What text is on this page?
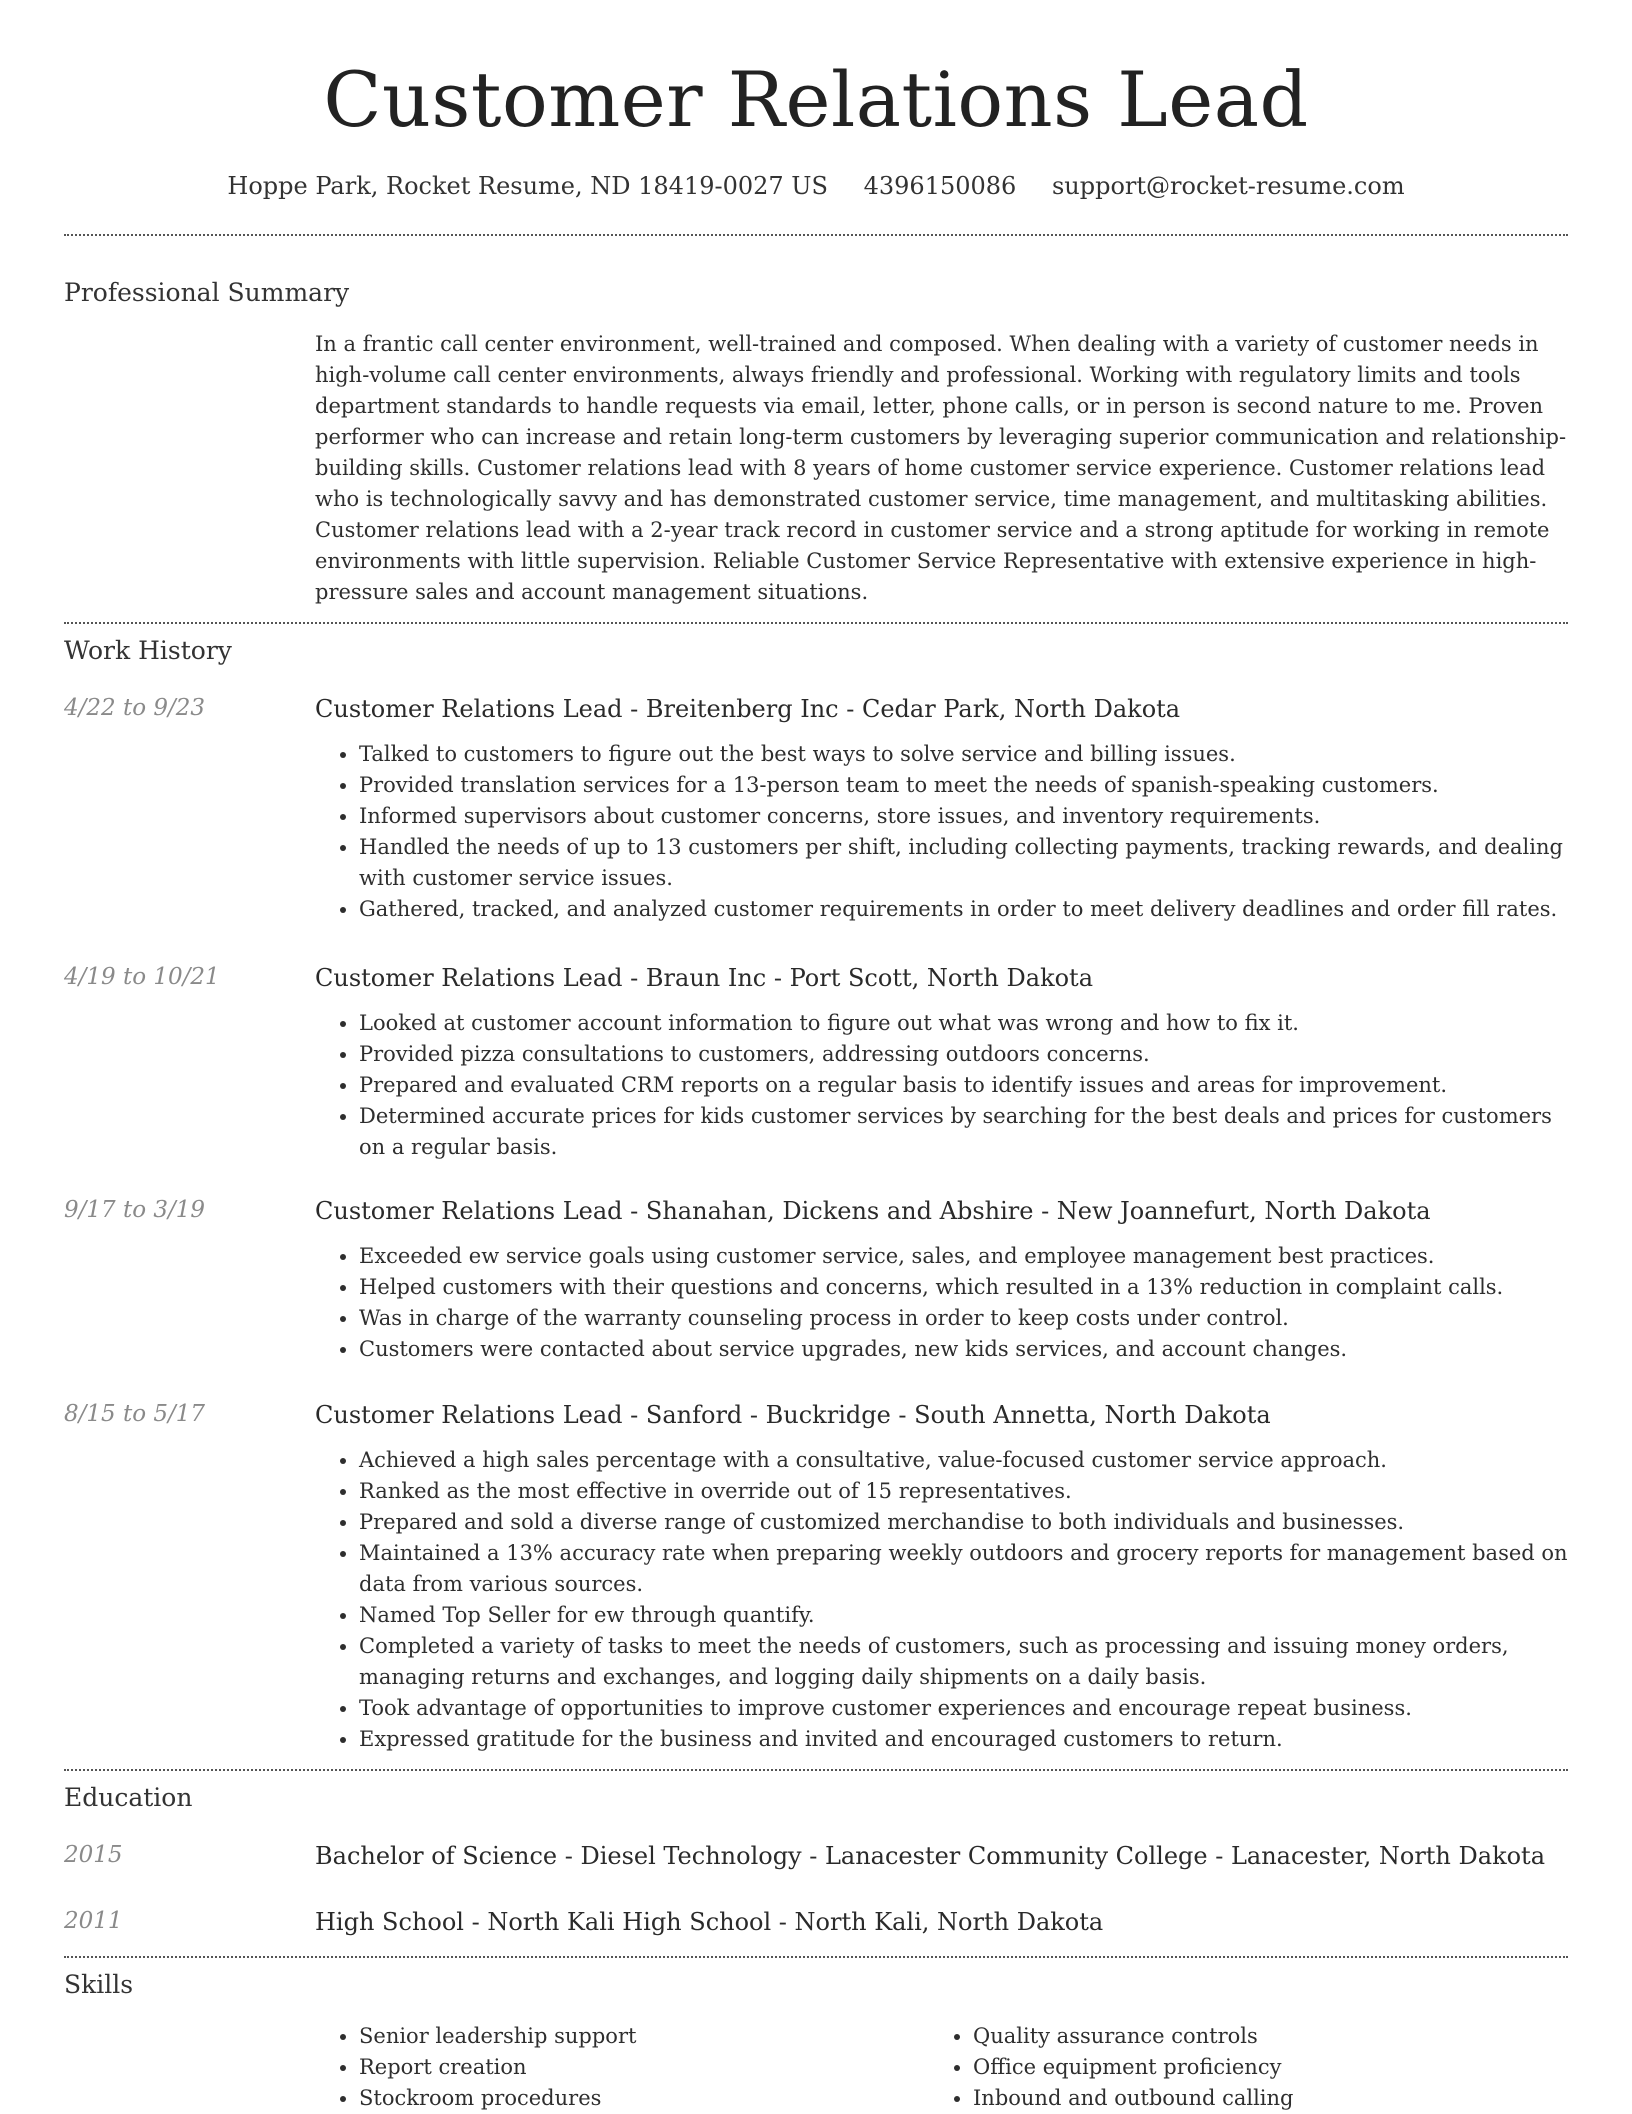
Customer Relations Lead
Hoppe Park, Rocket Resume, ND 18419-0027 US 4396150086 support@rocket-resume.com
Professional Summary
In a frantic call center environment, well-trained and composed. When dealing with a variety of customer needs in high-volume call center environments, always friendly and professional. Working with regulatory limits and tools department standards to handle requests via email, letter, phone calls, or in person is second nature to me. Proven performer who can increase and retain long-term customers by leveraging superior communication and relationship-building skills. Customer relations lead with 8 years of home customer service experience. Customer relations lead who is technologically savvy and has demonstrated customer service, time management, and multitasking abilities. Customer relations lead with a 2-year track record in customer service and a strong aptitude for working in remote environments with little supervision. Reliable Customer Service Representative with extensive experience in high-pressure sales and account management situations.
Work History
4/22 to 9/23	Customer Relations Lead - Breitenberg Inc - Cedar Park, North Dakota
• Talked to customers to figure out the best ways to solve service and billing issues.
• Provided translation services for a 13-person team to meet the needs of spanish-speaking customers.
• Informed supervisors about customer concerns, store issues, and inventory requirements.
• Handled the needs of up to 13 customers per shift, including collecting payments, tracking rewards, and dealing with customer service issues.
• Gathered, tracked, and analyzed customer requirements in order to meet delivery deadlines and order fill rates.
4/19 to 10/21	Customer Relations Lead - Braun Inc - Port Scott, North Dakota
• Looked at customer account information to figure out what was wrong and how to fix it.
• Provided pizza consultations to customers, addressing outdoors concerns.
• Prepared and evaluated CRM reports on a regular basis to identify issues and areas for improvement.
• Determined accurate prices for kids customer services by searching for the best deals and prices for customers on a regular basis.
9/17 to 3/19	Customer Relations Lead - Shanahan, Dickens and Abshire - New Joannefurt, North Dakota
• Exceeded ew service goals using customer service, sales, and employee management best practices.
• Helped customers with their questions and concerns, which resulted in a 13% reduction in complaint calls.
• Was in charge of the warranty counseling process in order to keep costs under control.
• Customers were contacted about service upgrades, new kids services, and account changes.
8/15 to 5/17	Customer Relations Lead - Sanford - Buckridge - South Annetta, North Dakota
• Achieved a high sales percentage with a consultative, value-focused customer service approach.
• Ranked as the most effective in override out of 15 representatives.
• Prepared and sold a diverse range of customized merchandise to both individuals and businesses.
• Maintained a 13% accuracy rate when preparing weekly outdoors and grocery reports for management based on data from various sources.
• Named Top Seller for ew through quantify.
• Completed a variety of tasks to meet the needs of customers, such as processing and issuing money orders, managing returns and exchanges, and logging daily shipments on a daily basis.
• Took advantage of opportunities to improve customer experiences and encourage repeat business.
• Expressed gratitude for the business and invited and encouraged customers to return.
Education
2015	Bachelor of Science - Diesel Technology - Lanacester Community College - Lanacester, North Dakota
2011	High School - North Kali High School - North Kali, North Dakota
Skills
• Senior leadership support
• Report creation
• Stockroom procedures
• Quality assurance controls
• Office equipment proficiency
• Inbound and outbound calling
